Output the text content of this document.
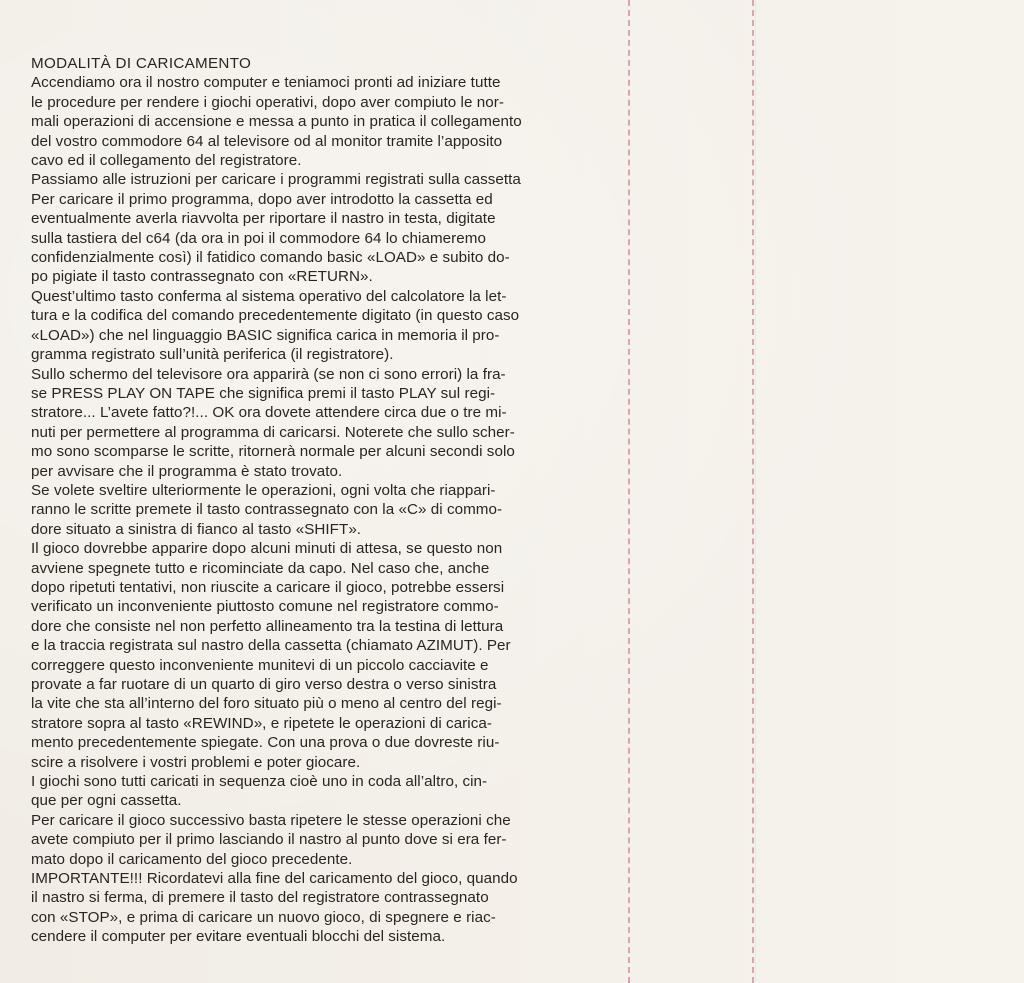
MODALITÀ DI CARICAMENTO
Accendiamo ora il nostro computer e teniamoci pronti ad iniziare tutte
le procedure per rendere i giochi operativi, dopo aver compiuto le nor-
mali operazioni di accensione e messa a punto in pratica il collegamento
del vostro commodore 64 al televisore od al monitor tramite l’apposito
cavo ed il collegamento del registratore.
Passiamo alle istruzioni per caricare i programmi registrati sulla cassetta
Per caricare il primo programma, dopo aver introdotto la cassetta ed
eventualmente averla riavvolta per riportare il nastro in testa, digitate
sulla tastiera del c64 (da ora in poi il commodore 64 lo chiameremo
confidenzialmente così) il fatidico comando basic «LOAD» e subito do-
po pigiate il tasto contrassegnato con «RETURN».
Quest’ultimo tasto conferma al sistema operativo del calcolatore la let-
tura e la codifica del comando precedentemente digitato (in questo caso
«LOAD») che nel linguaggio BASIC significa carica in memoria il pro-
gramma registrato sull’unità periferica (il registratore).
Sullo schermo del televisore ora apparirà (se non ci sono errori) la fra-
se PRESS PLAY ON TAPE che significa premi il tasto PLAY sul regi-
stratore... L’avete fatto?!... OK ora dovete attendere circa due o tre mi-
nuti per permettere al programma di caricarsi. Noterete che sullo scher-
mo sono scomparse le scritte, ritornerà normale per alcuni secondi solo
per avvisare che il programma è stato trovato.
Se volete sveltire ulteriormente le operazioni, ogni volta che riappari-
ranno le scritte premete il tasto contrassegnato con la «C» di commo-
dore situato a sinistra di fianco al tasto «SHIFT».
Il gioco dovrebbe apparire dopo alcuni minuti di attesa, se questo non
avviene spegnete tutto e ricominciate da capo. Nel caso che, anche
dopo ripetuti tentativi, non riuscite a caricare il gioco, potrebbe essersi
verificato un inconveniente piuttosto comune nel registratore commo-
dore che consiste nel non perfetto allineamento tra la testina di lettura
e la traccia registrata sul nastro della cassetta (chiamato AZIMUT). Per
correggere questo inconveniente munitevi di un piccolo cacciavite e
provate a far ruotare di un quarto di giro verso destra o verso sinistra
la vite che sta all’interno del foro situato più o meno al centro del regi-
stratore sopra al tasto «REWIND», e ripetete le operazioni di carica-
mento precedentemente spiegate. Con una prova o due dovreste riu-
scire a risolvere i vostri problemi e poter giocare.
I giochi sono tutti caricati in sequenza cioè uno in coda all’altro, cin-
que per ogni cassetta.
Per caricare il gioco successivo basta ripetere le stesse operazioni che
avete compiuto per il primo lasciando il nastro al punto dove si era fer-
mato dopo il caricamento del gioco precedente.
IMPORTANTE!!! Ricordatevi alla fine del caricamento del gioco, quando
il nastro si ferma, di premere il tasto del registratore contrassegnato
con «STOP», e prima di caricare un nuovo gioco, di spegnere e riac-
cendere il computer per evitare eventuali blocchi del sistema.
